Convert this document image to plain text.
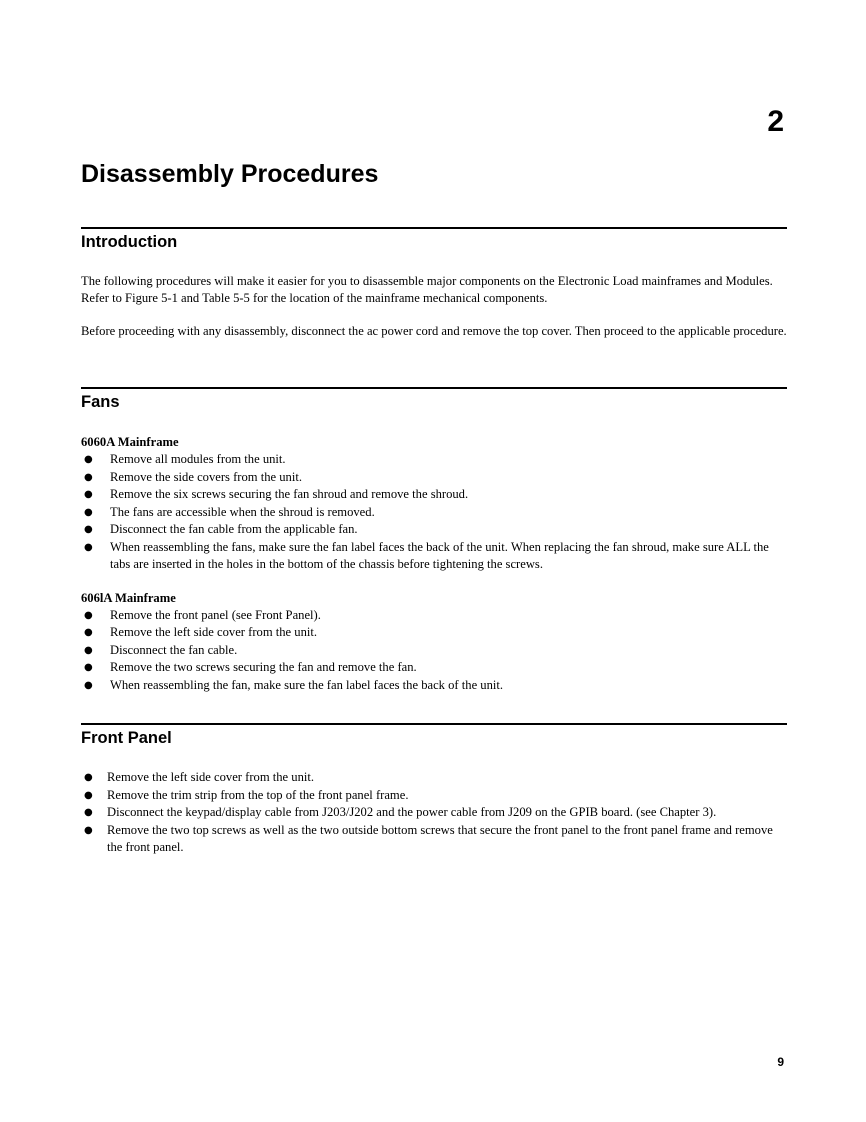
2
Disassembly Procedures
Introduction

The following procedures will make it easier for you to disassemble major components on the Electronic Load mainframes and Modules. Refer to Figure 5-1 and Table 5-5 for the location of the mainframe mechanical components.

Before proceeding with any disassembly, disconnect the ac power cord and remove the top cover. Then proceed to the applicable procedure.

Fans

6060A Mainframe

● Remove all modules from the unit.
● Remove the side covers from the unit.
● Remove the six screws securing the fan shroud and remove the shroud.
● The fans are accessible when the shroud is removed.
● Disconnect the fan cable from the applicable fan.
● When reassembling the fans, make sure the fan label faces the back of the unit. When replacing the fan shroud, make sure ALL the tabs are inserted in the holes in the bottom of the chassis before tightening the screws.

606lA Mainframe

● Remove the front panel (see Front Panel).
● Remove the left side cover from the unit.
● Disconnect the fan cable.
● Remove the two screws securing the fan and remove the fan.
● When reassembling the fan, make sure the fan label faces the back of the unit.
Front Panel
● Remove the left side cover from the unit.
● Remove the trim strip from the top of the front panel frame.
● Disconnect the keypad/display cable from J203/J202 and the power cable from J209 on the GPIB board. (see Chapter 3).
● Remove the two top screws as well as the two outside bottom screws that secure the front panel to the front panel frame and remove the front panel.

9
